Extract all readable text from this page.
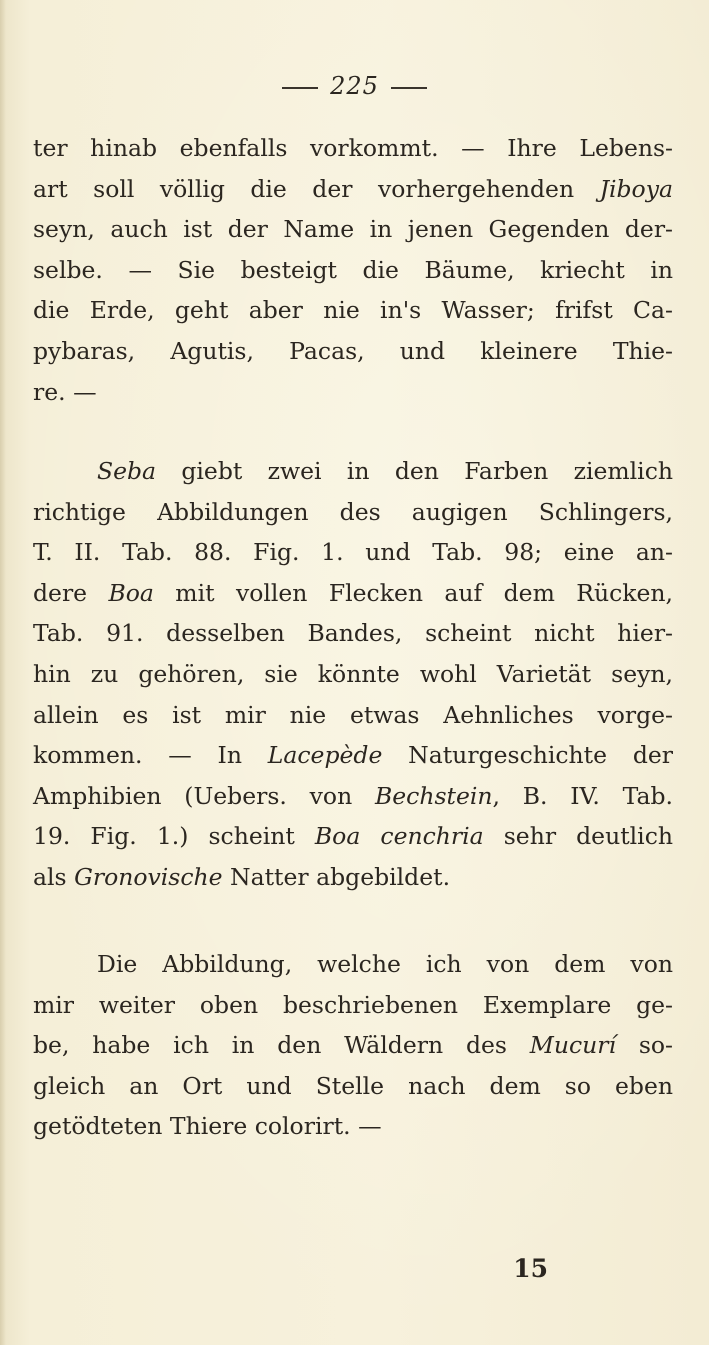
225
ter hinab ebenfalls vorkommt. — Ihre Lebens-
art soll völlig die der vorhergehenden Jiboya
seyn, auch ist der Name in jenen Gegenden der-
selbe. — Sie besteigt die Bäume, kriecht in
die Erde, geht aber nie in's Wasser; frifst Ca-
pybaras, Agutis, Pacas, und kleinere Thie-
re. —
Seba giebt zwei in den Farben ziemlich
richtige Abbildungen des augigen Schlingers,
T. II. Tab. 88. Fig. 1. und Tab. 98; eine an-
dere Boa mit vollen Flecken auf dem Rücken,
Tab. 91. desselben Bandes, scheint nicht hier-
hin zu gehören, sie könnte wohl Varietät seyn,
allein es ist mir nie etwas Aehnliches vorge-
kommen. — In Lacepède Naturgeschichte der
Amphibien (Uebers. von Bechstein, B. IV. Tab.
19. Fig. 1.) scheint Boa cenchria sehr deutlich
als Gronovische Natter abgebildet.
Die Abbildung, welche ich von dem von
mir weiter oben beschriebenen Exemplare ge-
be, habe ich in den Wäldern des Mucurí so-
gleich an Ort und Stelle nach dem so eben
getödteten Thiere colorirt. —
15
